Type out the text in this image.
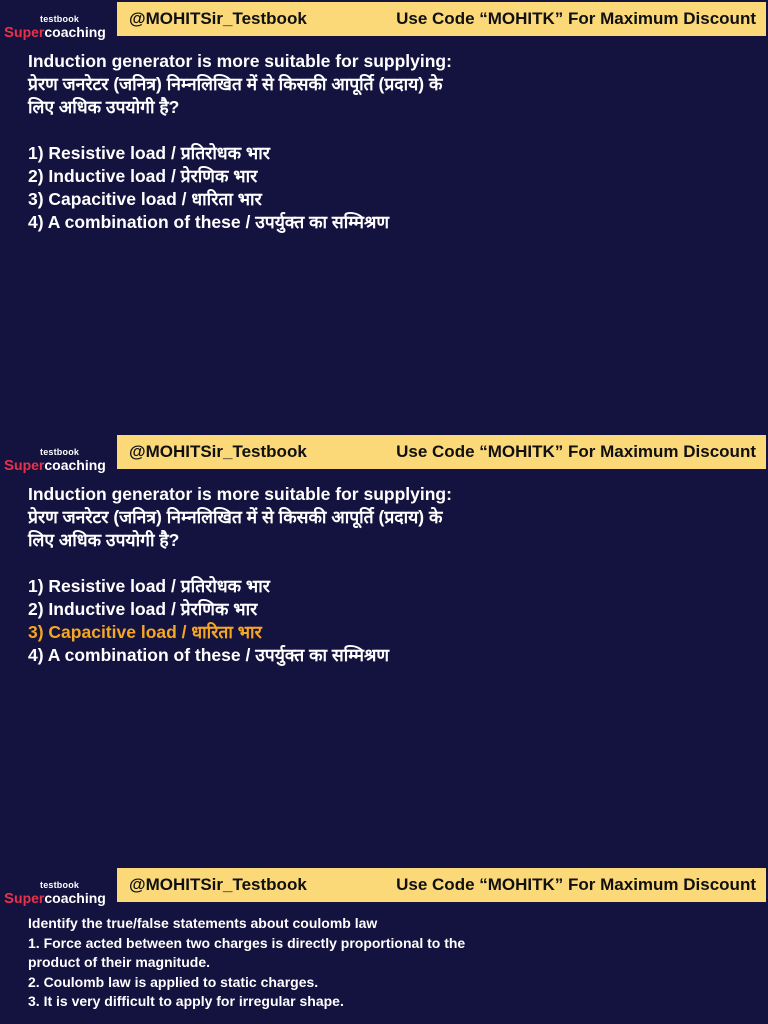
testbook
Supercoaching
@MOHITSir_Testbook	Use Code “MOHITK” For Maximum Discount
Induction generator is more suitable for supplying:
प्रेरण जनरेटर (जनित्र) निम्नलिखित में से किसकी आपूर्ति (प्रदाय) के
लिए अधिक उपयोगी है?
1) Resistive load / प्रतिरोधक भार
2) Inductive load / प्रेरणिक भार
3) Capacitive load / धारिता भार
4) A combination of these / उपर्युक्त का सम्मिश्रण
testbook
Supercoaching
@MOHITSir_Testbook	Use Code “MOHITK” For Maximum Discount
Induction generator is more suitable for supplying:
प्रेरण जनरेटर (जनित्र) निम्नलिखित में से किसकी आपूर्ति (प्रदाय) के
लिए अधिक उपयोगी है?
1) Resistive load / प्रतिरोधक भार
2) Inductive load / प्रेरणिक भार
3) Capacitive load / धारिता भार
4) A combination of these / उपर्युक्त का सम्मिश्रण
testbook
Supercoaching
@MOHITSir_Testbook	Use Code “MOHITK” For Maximum Discount
Identify the true/false statements about coulomb law
1. Force acted between two charges is directly proportional to the
product of their magnitude.
2. Coulomb law is applied to static charges.
3. It is very difficult to apply for irregular shape.
